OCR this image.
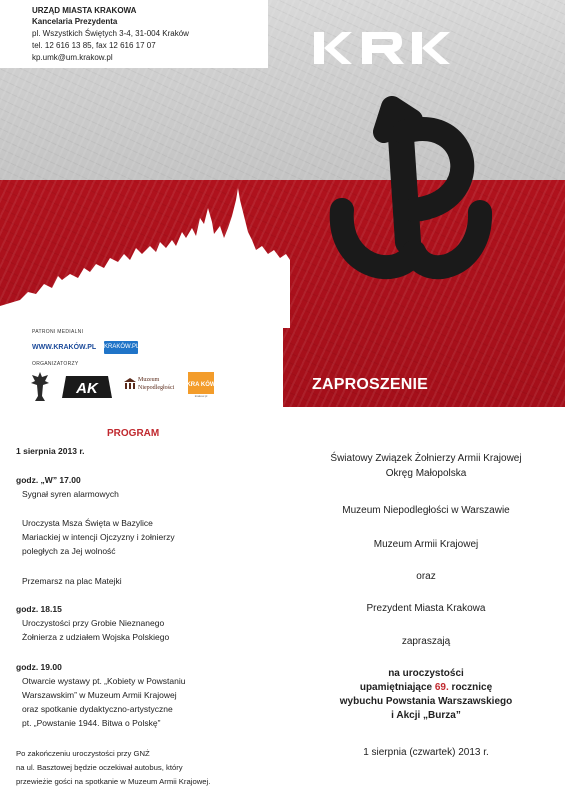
URZĄD MIASTA KRAKOWA
Kancelaria Prezydenta
pl. Wszystkich Świętych 3-4, 31-004 Kraków
tel. 12 616 13 85, fax 12 616 17 07
kp.umk@um.krakow.pl
PATRONI MEDIALNI
WWW.KRAKÓW.PL KRAKÓW.PL
ORGANIZATORZY
AK	Muzeum
Niepodległości KRA KÓW
krakow.pl
ZAPROSZENIE
PROGRAM
1 sierpnia 2013 r.
godz. „W” 17.00
Sygnał syren alarmowych
Uroczysta Msza Święta w Bazylice
Mariackiej w intencji Ojczyzny i żołnierzy
poległych za Jej wolność
Przemarsz na plac Matejki
godz. 18.15
Uroczystości przy Grobie Nieznanego
Żołnierza z udziałem Wojska Polskiego
godz. 19.00
Otwarcie wystawy pt. „Kobiety w Powstaniu
Warszawskim” w Muzeum Armii Krajowej
oraz spotkanie dydaktyczno-artystyczne
pt. „Powstanie 1944. Bitwa o Polskę”
Po zakończeniu uroczystości przy GNŻ
na ul. Basztowej będzie oczekiwał autobus, który
przewieżie gości na spotkanie w Muzeum Armii Krajowej.
Światowy Związek Żołnierzy Armii Krajowej
Okręg Małopolska
Muzeum Niepodległości w Warszawie
Muzeum Armii Krajowej
oraz
Prezydent Miasta Krakowa
zapraszają
na uroczystości
upamiętniające 69. rocznicę
wybuchu Powstania Warszawskiego
i Akcji „Burza”
1 sierpnia (czwartek) 2013 r.
